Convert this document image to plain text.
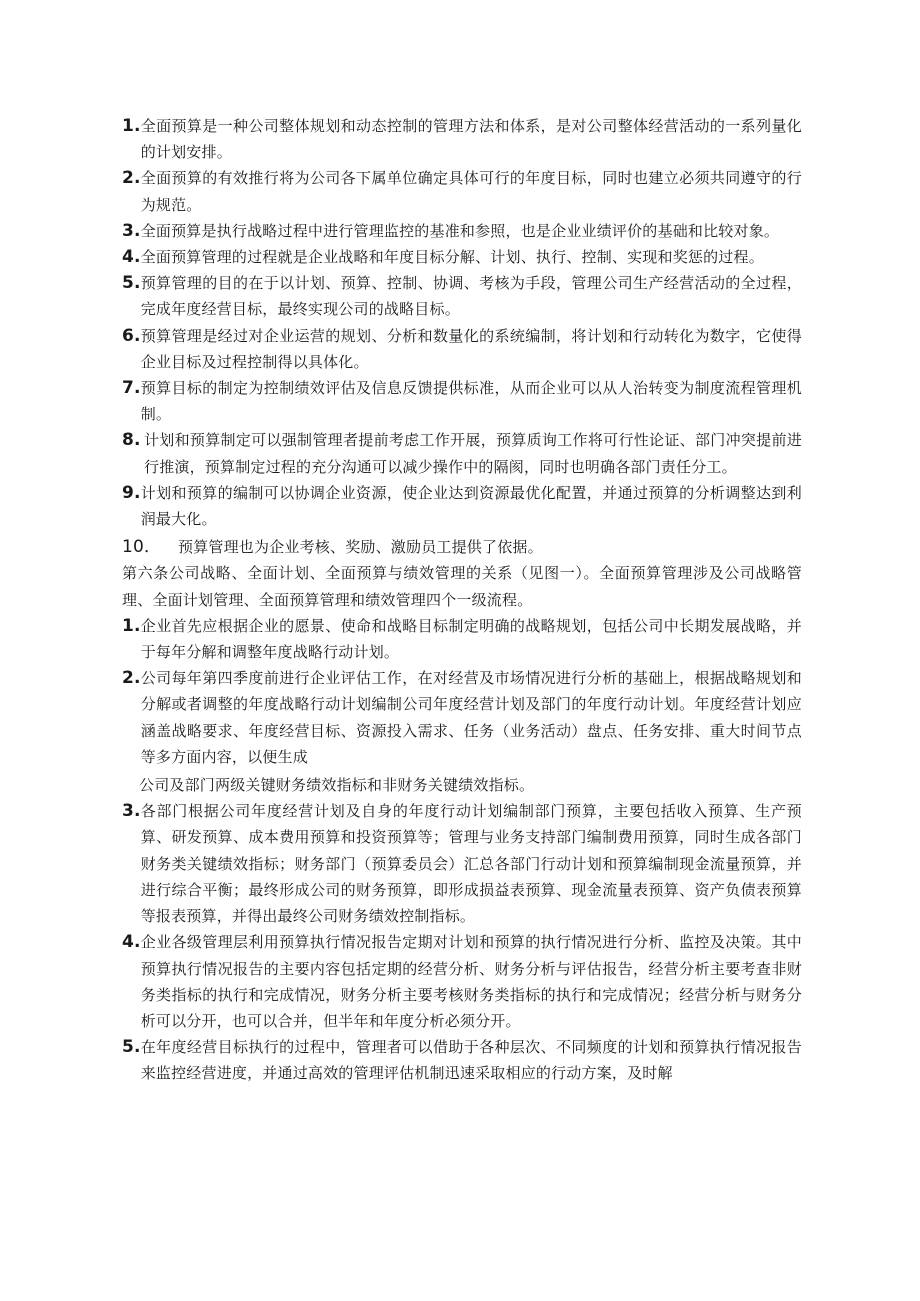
1. 全面预算是一种公司整体规划和动态控制的管理方法和体系，是对公司整体经营活动的一系列量化的计划安排。
2. 全面预算的有效推行将为公司各下属单位确定具体可行的年度目标，同时也建立必须共同遵守的行为规范。
3. 全面预算是执行战略过程中进行管理监控的基准和参照，也是企业业绩评价的基础和比较对象。
4. 全面预算管理的过程就是企业战略和年度目标分解、计划、执行、控制、实现和奖惩的过程。
5. 预算管理的目的在于以计划、预算、控制、协调、考核为手段，管理公司生产经营活动的全过程，完成年度经营目标，最终实现公司的战略目标。
6. 预算管理是经过对企业运营的规划、分析和数量化的系统编制，将计划和行动转化为数字，它使得企业目标及过程控制得以具体化。
7. 预算目标的制定为控制绩效评估及信息反馈提供标准，从而企业可以从人治转变为制度流程管理机制。
8. 计划和预算制定可以强制管理者提前考虑工作开展，预算质询工作将可行性论证、部门冲突提前进行推演，预算制定过程的充分沟通可以减少操作中的隔阂，同时也明确各部门责任分工。
9. 计划和预算的编制可以协调企业资源，使企业达到资源最优化配置，并通过预算的分析调整达到利润最大化。
10．	预算管理也为企业考核、奖励、激励员工提供了依据。
第六条公司战略、全面计划、全面预算与绩效管理的关系（见图一）。全面预算管理涉及公司战略管理、全面计划管理、全面预算管理和绩效管理四个一级流程。
1. 企业首先应根据企业的愿景、使命和战略目标制定明确的战略规划，包括公司中长期发展战略，并于每年分解和调整年度战略行动计划。
2. 公司每年第四季度前进行企业评估工作，在对经营及市场情况进行分析的基础上，根据战略规划和分解或者调整的年度战略行动计划编制公司年度经营计划及部门的年度行动计划。年度经营计划应涵盖战略要求、年度经营目标、资源投入需求、任务（业务活动）盘点、任务安排、重大时间节点等多方面内容，以便生成
公司及部门两级关键财务绩效指标和非财务关键绩效指标。
3. 各部门根据公司年度经营计划及自身的年度行动计划编制部门预算，主要包括收入预算、生产预算、研发预算、成本费用预算和投资预算等；管理与业务支持部门编制费用预算，同时生成各部门财务类关键绩效指标；财务部门（预算委员会）汇总各部门行动计划和预算编制现金流量预算，并进行综合平衡；最终形成公司的财务预算，即形成损益表预算、现金流量表预算、资产负债表预算等报表预算，并得出最终公司财务绩效控制指标。
4. 企业各级管理层利用预算执行情况报告定期对计划和预算的执行情况进行分析、监控及决策。其中预算执行情况报告的主要内容包括定期的经营分析、财务分析与评估报告，经营分析主要考查非财务类指标的执行和完成情况，财务分析主要考核财务类指标的执行和完成情况；经营分析与财务分析可以分开，也可以合并，但半年和年度分析必须分开。
5. 在年度经营目标执行的过程中，管理者可以借助于各种层次、不同频度的计划和预算执行情况报告来监控经营进度，并通过高效的管理评估机制迅速采取相应的行动方案，及时解
